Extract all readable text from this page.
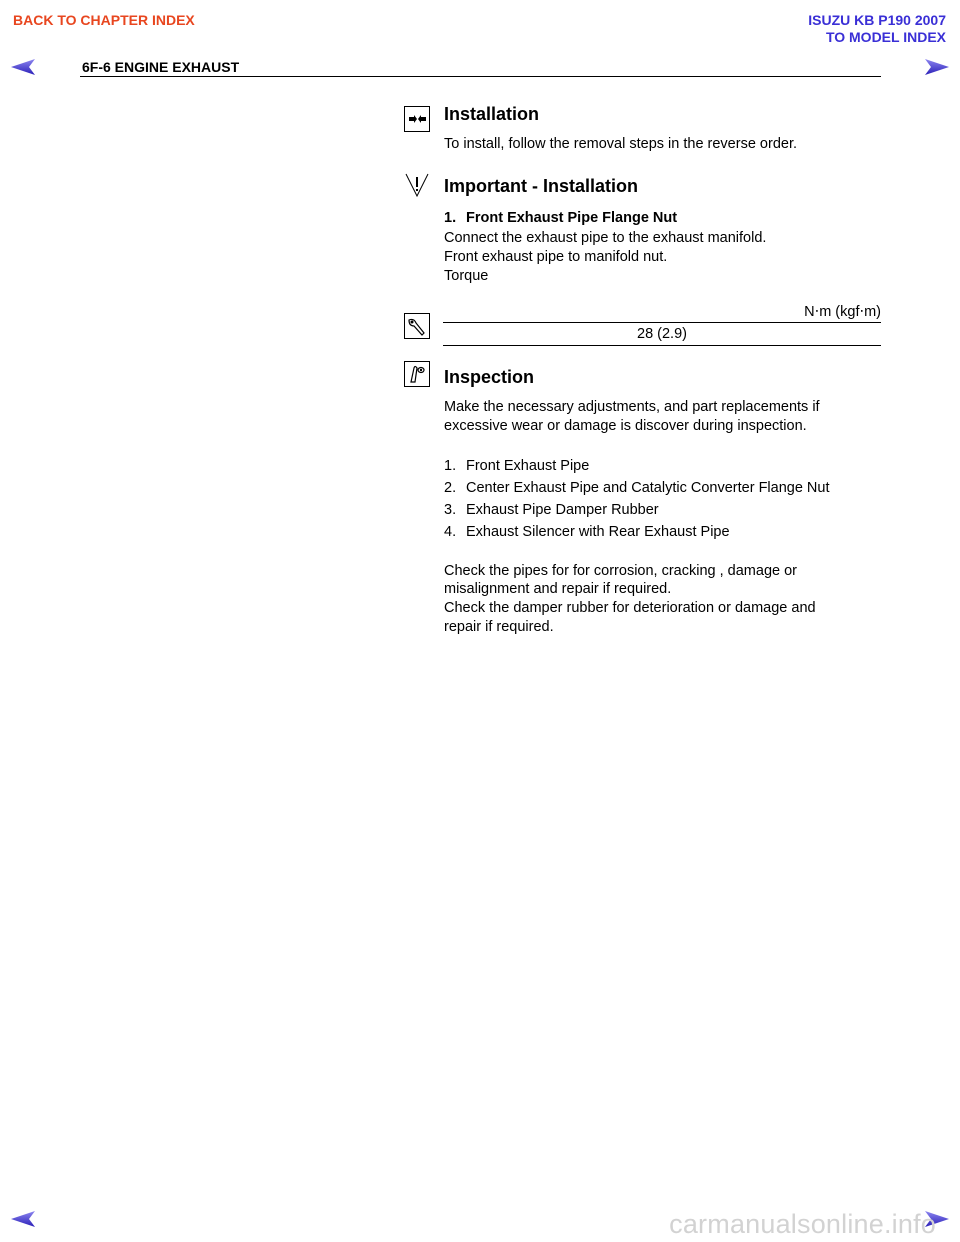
BACK TO CHAPTER INDEX	ISUZU KB P190 2007
TO MODEL INDEX
6F-6 ENGINE EXHAUST
Installation
To install, follow the removal steps in the reverse order.
Important - Installation
1. Front Exhaust Pipe Flange Nut
Connect the exhaust pipe to the exhaust manifold.
Front exhaust pipe to manifold nut.
Torque
N⋅m (kgf⋅m)
28 (2.9)
Inspection
Make the necessary adjustments, and part replacements if
excessive wear or damage is discover during inspection.
1. Front Exhaust Pipe
2. Center Exhaust Pipe and Catalytic Converter Flange Nut
3. Exhaust Pipe Damper Rubber
4. Exhaust Silencer with Rear Exhaust Pipe
Check the pipes for for corrosion, cracking , damage or
misalignment and repair if required.
Check the damper rubber for deterioration or damage and
repair if required.
carmanualsonline.info
